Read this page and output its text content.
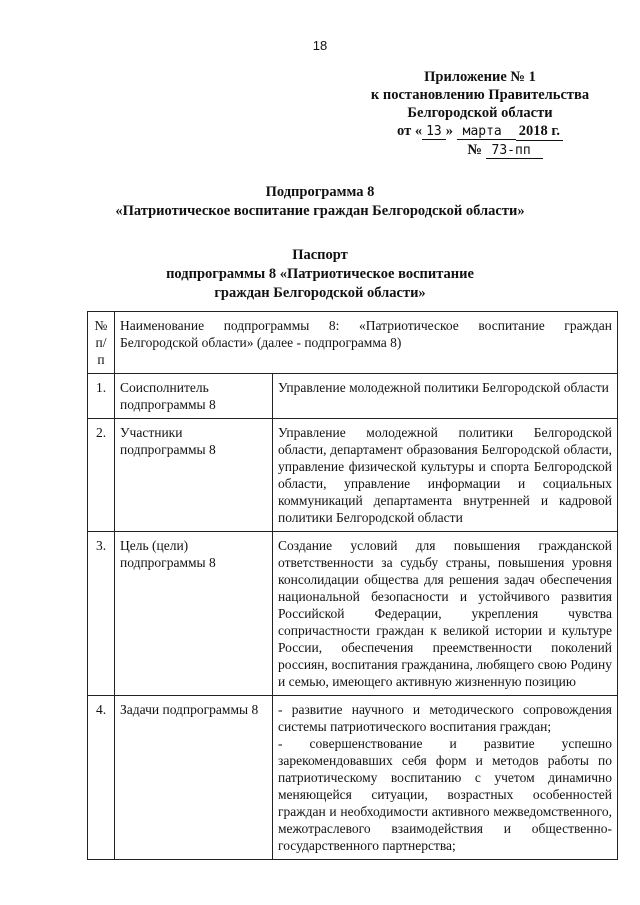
18
Приложение № 1
к постановлению Правительства
Белгородской области
от « 13 » марта 2018 г.
№ 73-пп
Подпрограмма 8
«Патриотическое воспитание граждан Белгородской области»
Паспорт
подпрограммы 8 «Патриотическое воспитание
граждан Белгородской области»
№ п/п	Наименование подпрограммы 8: «Патриотическое воспитание граждан Белгородской области» (далее - подпрограмма 8)	
1.	Соисполнитель подпрограммы 8	Управление молодежной политики Белгородской области
2.	Участники подпрограммы 8	Управление молодежной политики Белгородской области, департамент образования Белгородской области, управление физической культуры и спорта Белгородской области, управление информации и социальных коммуникаций департамента внутренней и кадровой политики Белгородской области
3.	Цель (цели) подпрограммы 8	Создание условий для повышения гражданской ответственности за судьбу страны, повышения уровня консолидации общества для решения задач обеспечения национальной безопасности и устойчивого развития Российской Федерации, укрепления чувства сопричастности граждан к великой истории и культуре России, обеспечения преемственности поколений россиян, воспитания гражданина, любящего свою Родину и семью, имеющего активную жизненную позицию
4.	Задачи подпрограммы 8	- развитие научного и методического сопровождения системы патриотического воспитания граждан;
- совершенствование и развитие успешно зарекомендовавших себя форм и методов работы по патриотическому воспитанию с учетом динамично меняющейся ситуации, возрастных особенностей граждан и необходимости активного межведомственного, межотраслевого взаимодействия и общественно-государственного партнерства;
